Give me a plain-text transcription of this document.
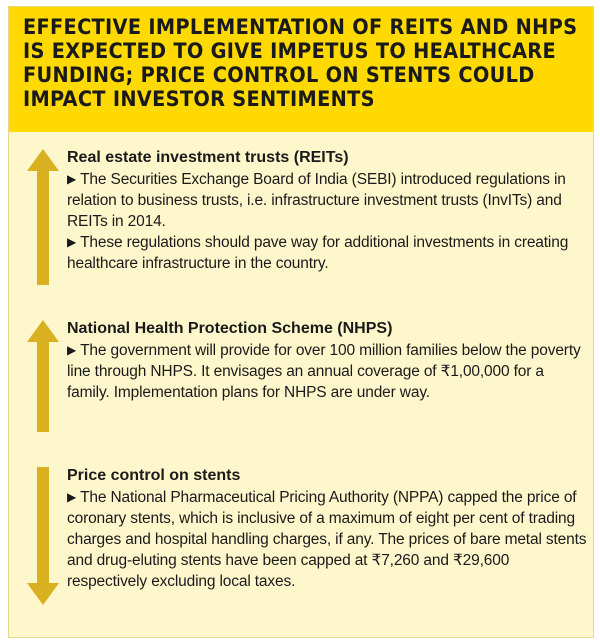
EFFECTIVE IMPLEMENTATION OF REITS AND NHPS IS EXPECTED TO GIVE IMPETUS TO HEALTHCARE FUNDING; PRICE CONTROL ON STENTS COULD IMPACT INVESTOR SENTIMENTS
Real estate investment trusts (REITs)

▶ The Securities Exchange Board of India (SEBI) introduced regulations in relation to business trusts, i.e. infrastructure investment trusts (InvITs) and REITs in 2014.

▶ These regulations should pave way for additional investments in creating healthcare infrastructure in the country.

National Health Protection Scheme (NHPS)

▶ The government will provide for over 100 million families below the poverty line through NHPS. It envisages an annual coverage of ₹1,00,000 for a family. Implementation plans for NHPS are under way.

Price control on stents

▶ The National Pharmaceutical Pricing Authority (NPPA) capped the price of coronary stents, which is inclusive of a maximum of eight per cent of trading charges and hospital handling charges, if any. The prices of bare metal stents and drug-eluting stents have been capped at ₹7,260 and ₹29,600 respectively excluding local taxes.
